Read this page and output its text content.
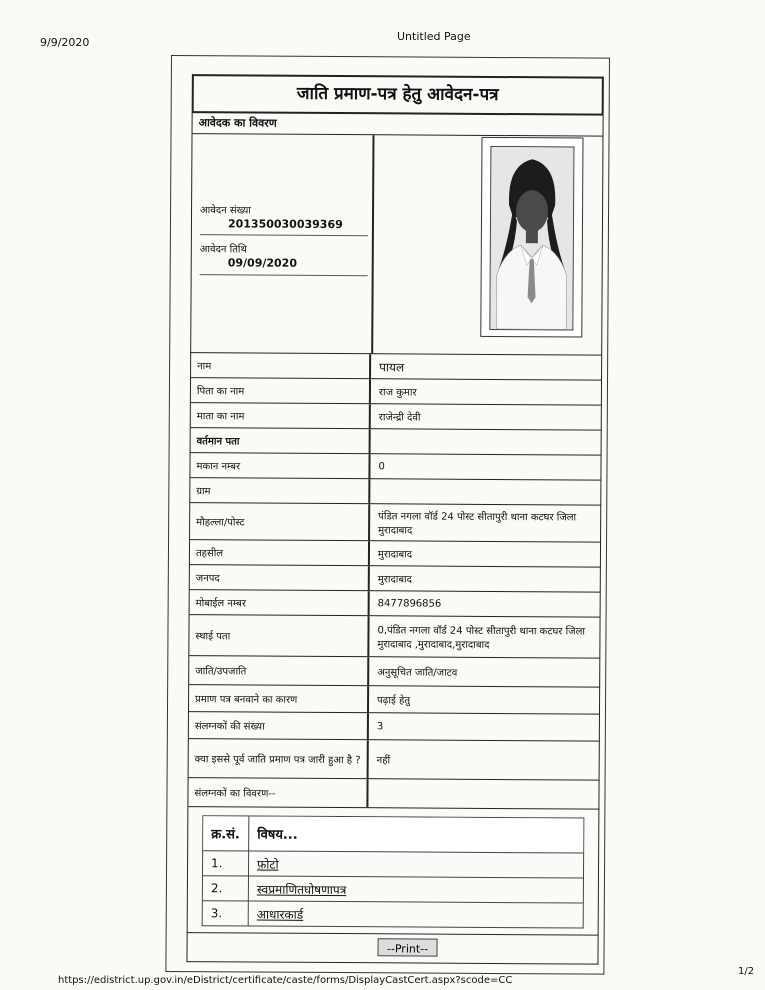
9/9/2020	Untitled Page
जाति प्रमाण-पत्र हेतु आवेदन-पत्र
आवेदक का विवरण
आवेदन संख्या
201350030039369
आवेदन तिथि
09/09/2020
नाम	पायल
पिता का नाम	राज कुमार
माता का नाम	राजेन्द्री देवी
वर्तमान पता
मकान नम्बर	0
ग्राम
मौहल्ला/पोस्ट	पंडित नगला वॉर्ड 24 पोस्ट सीतापुरी थाना कटघर जिला मुरादाबाद
तहसील	मुरादाबाद
जनपद	मुरादाबाद
मोबाईल नम्बर	8477896856
स्थाई पता	0,पंडित नगला वॉर्ड 24 पोस्ट सीतापुरी थाना कटघर जिला मुरादाबाद ,मुरादाबाद,मुरादाबाद
जाति/उपजाति	अनुसूचित जाति/जाटव
प्रमाण पत्र बनवाने का कारण	पढ़ाई हेतु
संलग्नकों की संख्या	3
क्या इससे पूर्व जाति प्रमाण पत्र जारी हुआ है ?	नहीं
संलग्नकों का विवरण--
क्र.सं.	विषय...
1.	फ़ोटो
2.	स्वप्रमाणितघोषणापत्र
3.	आधारकार्ड
--Print--
https://edistrict.up.gov.in/eDistrict/certificate/caste/forms/DisplayCastCert.aspx?scode=CC
1/2
